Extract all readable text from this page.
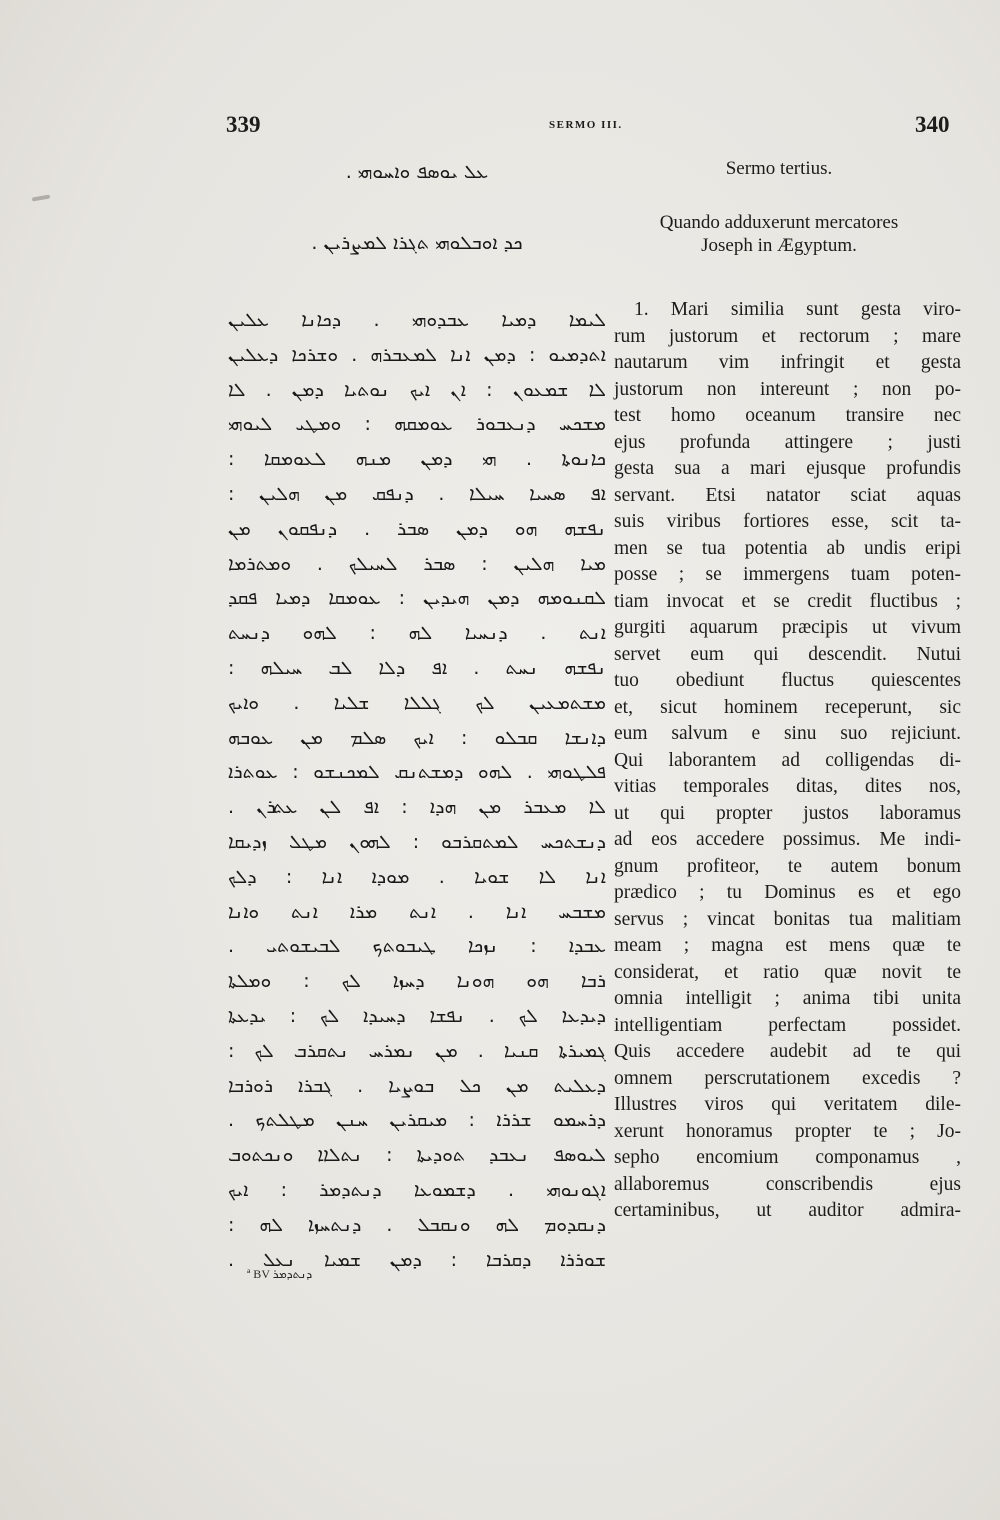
339	SERMO III.	340
ܥܠ ܝܘܣܦ ܘܐܚܘܗܝ .
ܟܕ ܐܘܒܠܘܗܝ ܬܓܪܐ ܠܡܨܪܝܢ .
ܠܝܡܐ ܕܡܝܐ ܥܒܕܘܗܝ . ܕܟܐܢܐ ܥܠܝܢ
ܐܬܕܡܝܘ : ܕܡܢ ܐܢܐ ܠܡܥܒܪܗ . ܘܫܪܟܐ ܕܥܠܝܢ
ܠܐ ܫܡܥܘܢ : ܐܢ ܐܝܟ ܢܘܬܝܐ ܕܡܢ . ܠܐ
ܡܫܟܚ ܕܢܥܒܘܪ ܥܘܡܩܗ : ܘܡܛܝ ܠܝܘܗܝ
ܟܐܢܘܬܐ . ܗܝ ܕܡܢ ܡܢܗ ܠܥܘܡܩܐ :
ܐܦ ܣܚܝܐ ܚܝܠܐ . ܕܢܦܩ ܡܢ ܗܠܝܢ :
ܢܦܫܗ ܗܘ ܕܡܢ ܣܒܪ . ܕܢܦܩܘܢ ܡܢ
ܡܝܐ ܗܠܝܢ : ܣܒܪ ܠܚܝܠܟ . ܘܡܬܪܡܐ
ܠܩܢܘܡܗ ܕܡܢ ܗܝܕܝܢ : ܥܘܡܩܐ ܕܡܝܐ ܦܩܕ
ܐܢܬ . ܕܢܚܝܐ ܠܗ : ܠܗܘ ܕܢܚܬ
ܢܦܫܗ ܢܚܬ . ܐܦ ܕܠܐ ܠܒ ܚܝܠܗ :
ܡܫܬܡܥܝܢ ܠܟ ܓܠܠܐ ܫܠܝܐ . ܘܐܝܟ
ܕܐܢܫܐ ܩܒܠܘ : ܐܝܟ ܣܠܡ ܡܢ ܥܘܒܗ
ܦܠܛܘܗܝ . ܠܗܘ ܕܡܫܬܢܩ ܠܡܟܢܫܘ : ܥܘܬܪܐ
ܠܐ ܡܥܒܪ ܡܢ ܗܕܐ : ܐܦ ܠܢ ܥܬܪܢ .
ܕܢܫܬܟܚ ܠܡܬܩܪܒܘ : ܠܗܘܢ ܡܛܠ ܙܕܝܩܐ
ܐܢܐ ܠܐ ܫܘܝܐ . ܡܘܕܐ ܐܢܐ : ܕܠܟ
ܡܫܒܚ ܐܢܐ . ܐܢܬ ܡܪܐ ܐܢܬ ܘܐܢܐ
ܥܒܕܐ : ܢܙܟܐ ܛܝܒܘܬܟ ܠܒܝܫܘܬܝ .
ܪܒܐ ܗܘ ܗܘܢܐ ܕܚܙܐ ܠܟ : ܘܡܠܬܐ
ܕܝܕܥܐ ܠܟ . ܢܦܫܐ ܕܚܝܕܐ ܠܟ : ܝܕܥܬܐ
ܓܡܝܪܬܐ ܩܢܝܐ . ܡܢ ܢܡܪܚ ܢܬܩܪܒ ܠܟ :
ܕܥܠܝܬ ܡܢ ܟܠ ܒܘܨܝܐ . ܓܒܪܐ ܪܘܪܒܐ
ܕܪܚܡܘ ܫܪܪܐ : ܡܝܩܪܝܢ ܚܢܢ ܡܛܠܬܟ .
ܠܝܘܣܦ ܢܥܒܕ ܬܘܕܝܬܐ : ܢܬܠܐܐ ܘܢܟܬܘܒ
ܐܓܘܢܘܗܝ . ܕܫܡܘܥܐ ܕܢܬܕܡܪ : ܐܝܟ
ܕܢܩܕܘܡ ܠܗ ܘܢܩܒܠ . ܕܢܬܚܙܐ ܠܗ :
ܫܘܪܪܐ ܕܩܪܒܐ : ܕܡܢ ܫܡܝܐ ܢܥܠ .
ª BV ܕܢܬܕܡܪ
Sermo tertius.
Quando adduxerunt mercatores
Joseph in Ægyptum.
1. Mari similia sunt gesta viro-
rum justorum et rectorum ; mare
nautarum vim infringit et gesta
justorum non intereunt ; non po-
test homo oceanum transire nec
ejus profunda attingere ; justi
gesta sua a mari ejusque profundis
servant. Etsi natator sciat aquas
suis viribus fortiores esse, scit ta-
men se tua potentia ab undis eripi
posse ; se immergens tuam poten-
tiam invocat et se credit fluctibus ;
gurgiti aquarum præcipis ut vivum
servet eum qui descendit. Nutui
tuo obediunt fluctus quiescentes
et, sicut hominem receperunt, sic
eum salvum e sinu suo rejiciunt.
Qui laborantem ad colligendas di-
vitias temporales ditas, dites nos,
ut qui propter justos laboramus
ad eos accedere possimus. Me indi-
gnum profiteor, te autem bonum
prædico ; tu Dominus es et ego
servus ; vincat bonitas tua malitiam
meam ; magna est mens quæ te
considerat, et ratio quæ novit te
omnia intelligit ; anima tibi unita
intelligentiam perfectam possidet.
Quis accedere audebit ad te qui
omnem perscrutationem excedis ?
Illustres viros qui veritatem dile-
xerunt honoramus propter te ; Jo-
sepho encomium componamus ,
allaboremus conscribendis ejus
certaminibus, ut auditor admira-
